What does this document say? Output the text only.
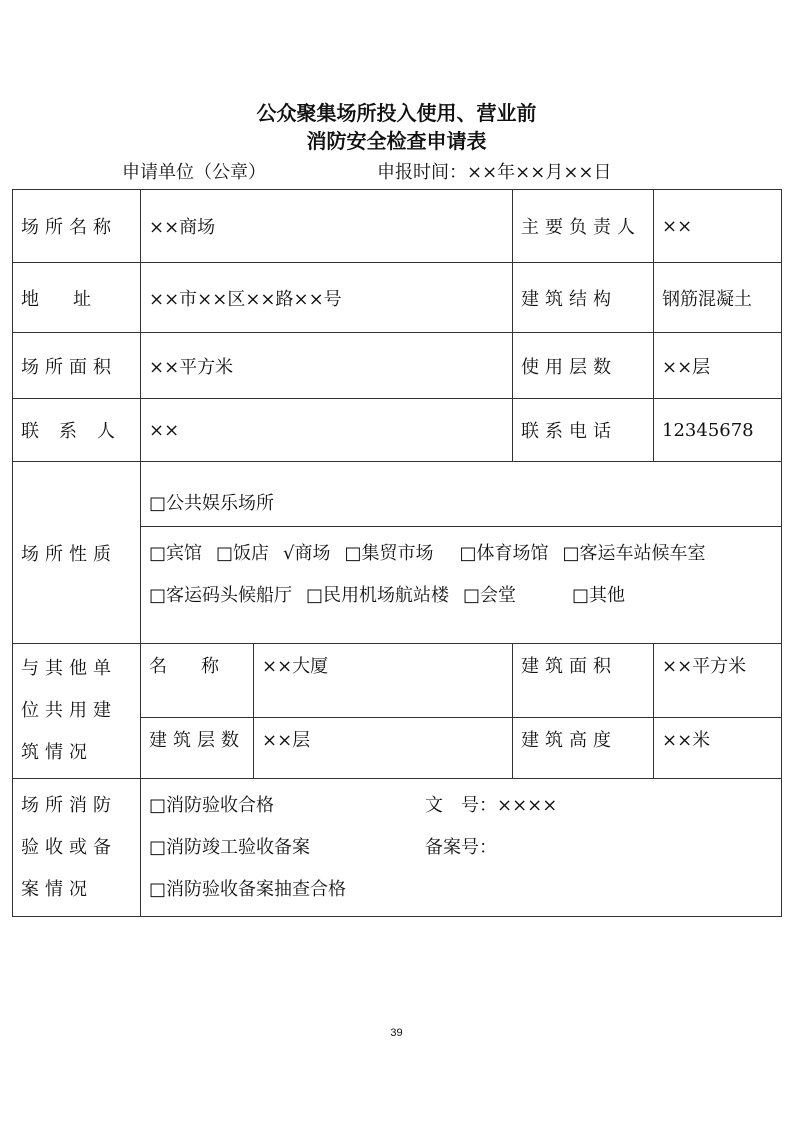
公众聚集场所投入使用、营业前
消防安全检查申请表
申请单位（公章）	申报时间：××年××月××日
场所名称	××商场		主要负责人	××
地址	××市××区××路××号		建筑结构	钢筋混凝土
场所面积	××平方米		使用层数	××层
联系人	××		联系电话	12345678
场所性质	□公共娱乐场所
□宾馆 □饭店 √商场 □集贸市场 □体育场馆 □客运车站候车室
□客运码头候船厅 □民用机场航站楼 □会堂 □其他			

与其他单位共用建筑情况	名称	××大厦	建筑面积	××平方米
	建筑层数	××层	建筑高度	××米
场所消防验收或备案情况	□消防验收合格 文　号：××××
□消防竣工验收备案 备案号：
□消防验收备案抽查合格			
39
